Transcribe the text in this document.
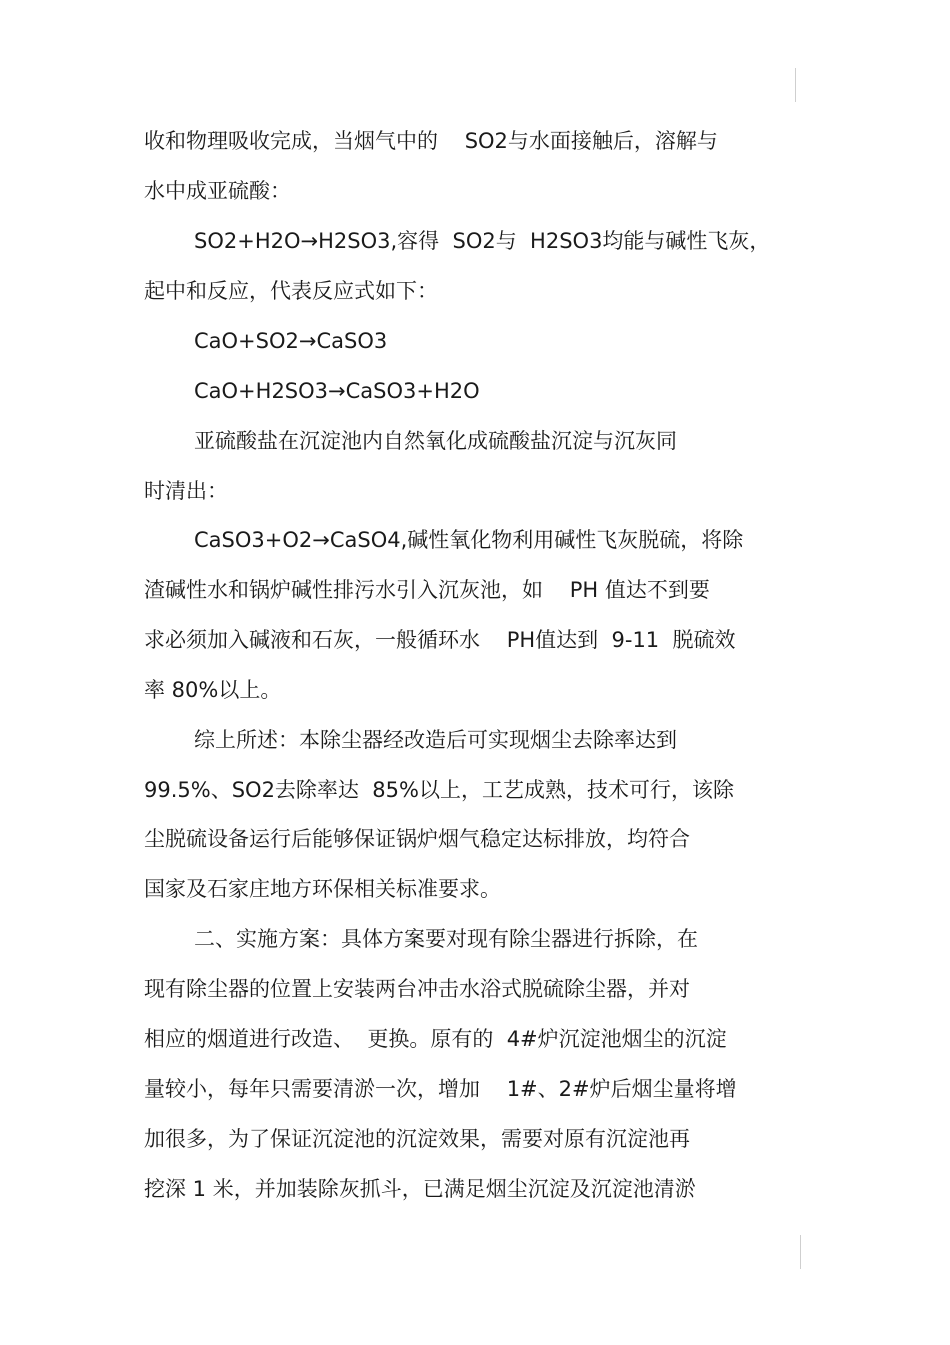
收和物理吸收完成，当烟气中的    SO2与水面接触后，溶解与

水中成亚硫酸：

SO2+H2O→H2SO3,容得  SO2与  H2SO3均能与碱性飞灰，

起中和反应，代表反应式如下：

CaO+SO2→CaSO3

CaO+H2SO3→CaSO3+H2O

亚硫酸盐在沉淀池内自然氧化成硫酸盐沉淀与沉灰同

时清出：

CaSO3+O2→CaSO4,碱性氧化物利用碱性飞灰脱硫，将除

渣碱性水和锅炉碱性排污水引入沉灰池，如    PH 值达不到要

求必须加入碱液和石灰，一般循环水    PH值达到  9-11  脱硫效

率 80%以上。

综上所述：本除尘器经改造后可实现烟尘去除率达到

99.5%、SO2去除率达  85%以上，工艺成熟，技术可行，该除

尘脱硫设备运行后能够保证锅炉烟气稳定达标排放，均符合

国家及石家庄地方环保相关标准要求。

二、实施方案：具体方案要对现有除尘器进行拆除，在

现有除尘器的位置上安装两台冲击水浴式脱硫除尘器，并对

相应的烟道进行改造、  更换。原有的  4#炉沉淀池烟尘的沉淀

量较小，每年只需要清淤一次，增加    1#、2#炉后烟尘量将增

加很多，为了保证沉淀池的沉淀效果，需要对原有沉淀池再

挖深 1 米，并加装除灰抓斗，已满足烟尘沉淀及沉淀池清淤
